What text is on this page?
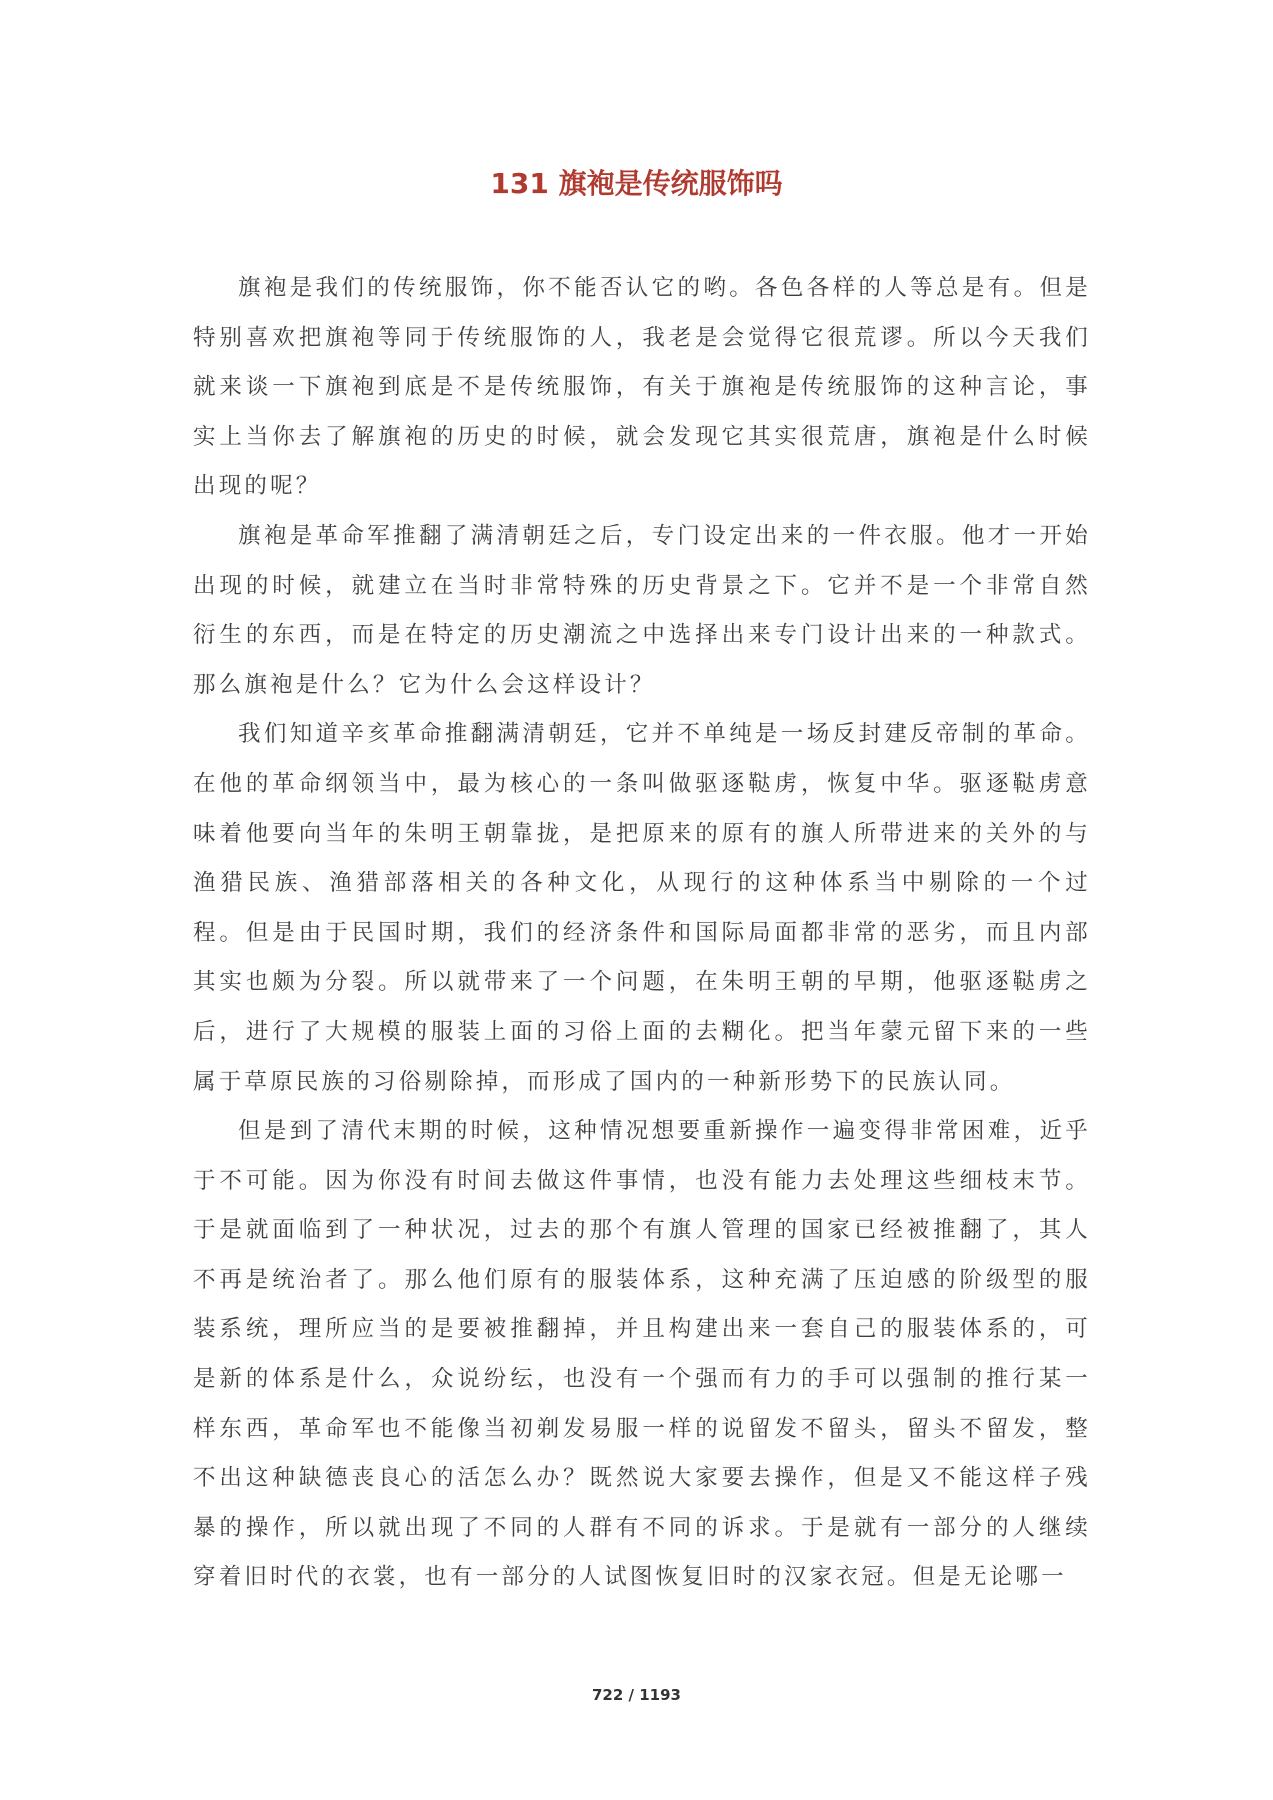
131 旗袍是传统服饰吗

旗袍是我们的传统服饰，你不能否认它的哟。各色各样的人等总是有。但是特别喜欢把旗袍等同于传统服饰的人，我老是会觉得它很荒谬。所以今天我们就来谈一下旗袍到底是不是传统服饰，有关于旗袍是传统服饰的这种言论，事实上当你去了解旗袍的历史的时候，就会发现它其实很荒唐，旗袍是什么时候出现的呢？

旗袍是革命军推翻了满清朝廷之后，专门设定出来的一件衣服。他才一开始出现的时候，就建立在当时非常特殊的历史背景之下。它并不是一个非常自然衍生的东西，而是在特定的历史潮流之中选择出来专门设计出来的一种款式。那么旗袍是什么？它为什么会这样设计？

我们知道辛亥革命推翻满清朝廷，它并不单纯是一场反封建反帝制的革命。在他的革命纲领当中，最为核心的一条叫做驱逐鞑虏，恢复中华。驱逐鞑虏意味着他要向当年的朱明王朝靠拢，是把原来的原有的旗人所带进来的关外的与渔猎民族、渔猎部落相关的各种文化，从现行的这种体系当中剔除的一个过程。但是由于民国时期，我们的经济条件和国际局面都非常的恶劣，而且内部其实也颇为分裂。所以就带来了一个问题，在朱明王朝的早期，他驱逐鞑虏之后，进行了大规模的服装上面的习俗上面的去糊化。把当年蒙元留下来的一些属于草原民族的习俗剔除掉，而形成了国内的一种新形势下的民族认同。

但是到了清代末期的时候，这种情况想要重新操作一遍变得非常困难，近乎于不可能。因为你没有时间去做这件事情，也没有能力去处理这些细枝末节。于是就面临到了一种状况，过去的那个有旗人管理的国家已经被推翻了，其人不再是统治者了。那么他们原有的服装体系，这种充满了压迫感的阶级型的服装系统，理所应当的是要被推翻掉，并且构建出来一套自己的服装体系的，可是新的体系是什么，众说纷纭，也没有一个强而有力的手可以强制的推行某一样东西，革命军也不能像当初剃发易服一样的说留发不留头，留头不留发，整不出这种缺德丧良心的活怎么办？既然说大家要去操作，但是又不能这样子残暴的操作，所以就出现了不同的人群有不同的诉求。于是就有一部分的人继续穿着旧时代的衣裳，也有一部分的人试图恢复旧时的汉家衣冠。但是无论哪一

722 / 1193
